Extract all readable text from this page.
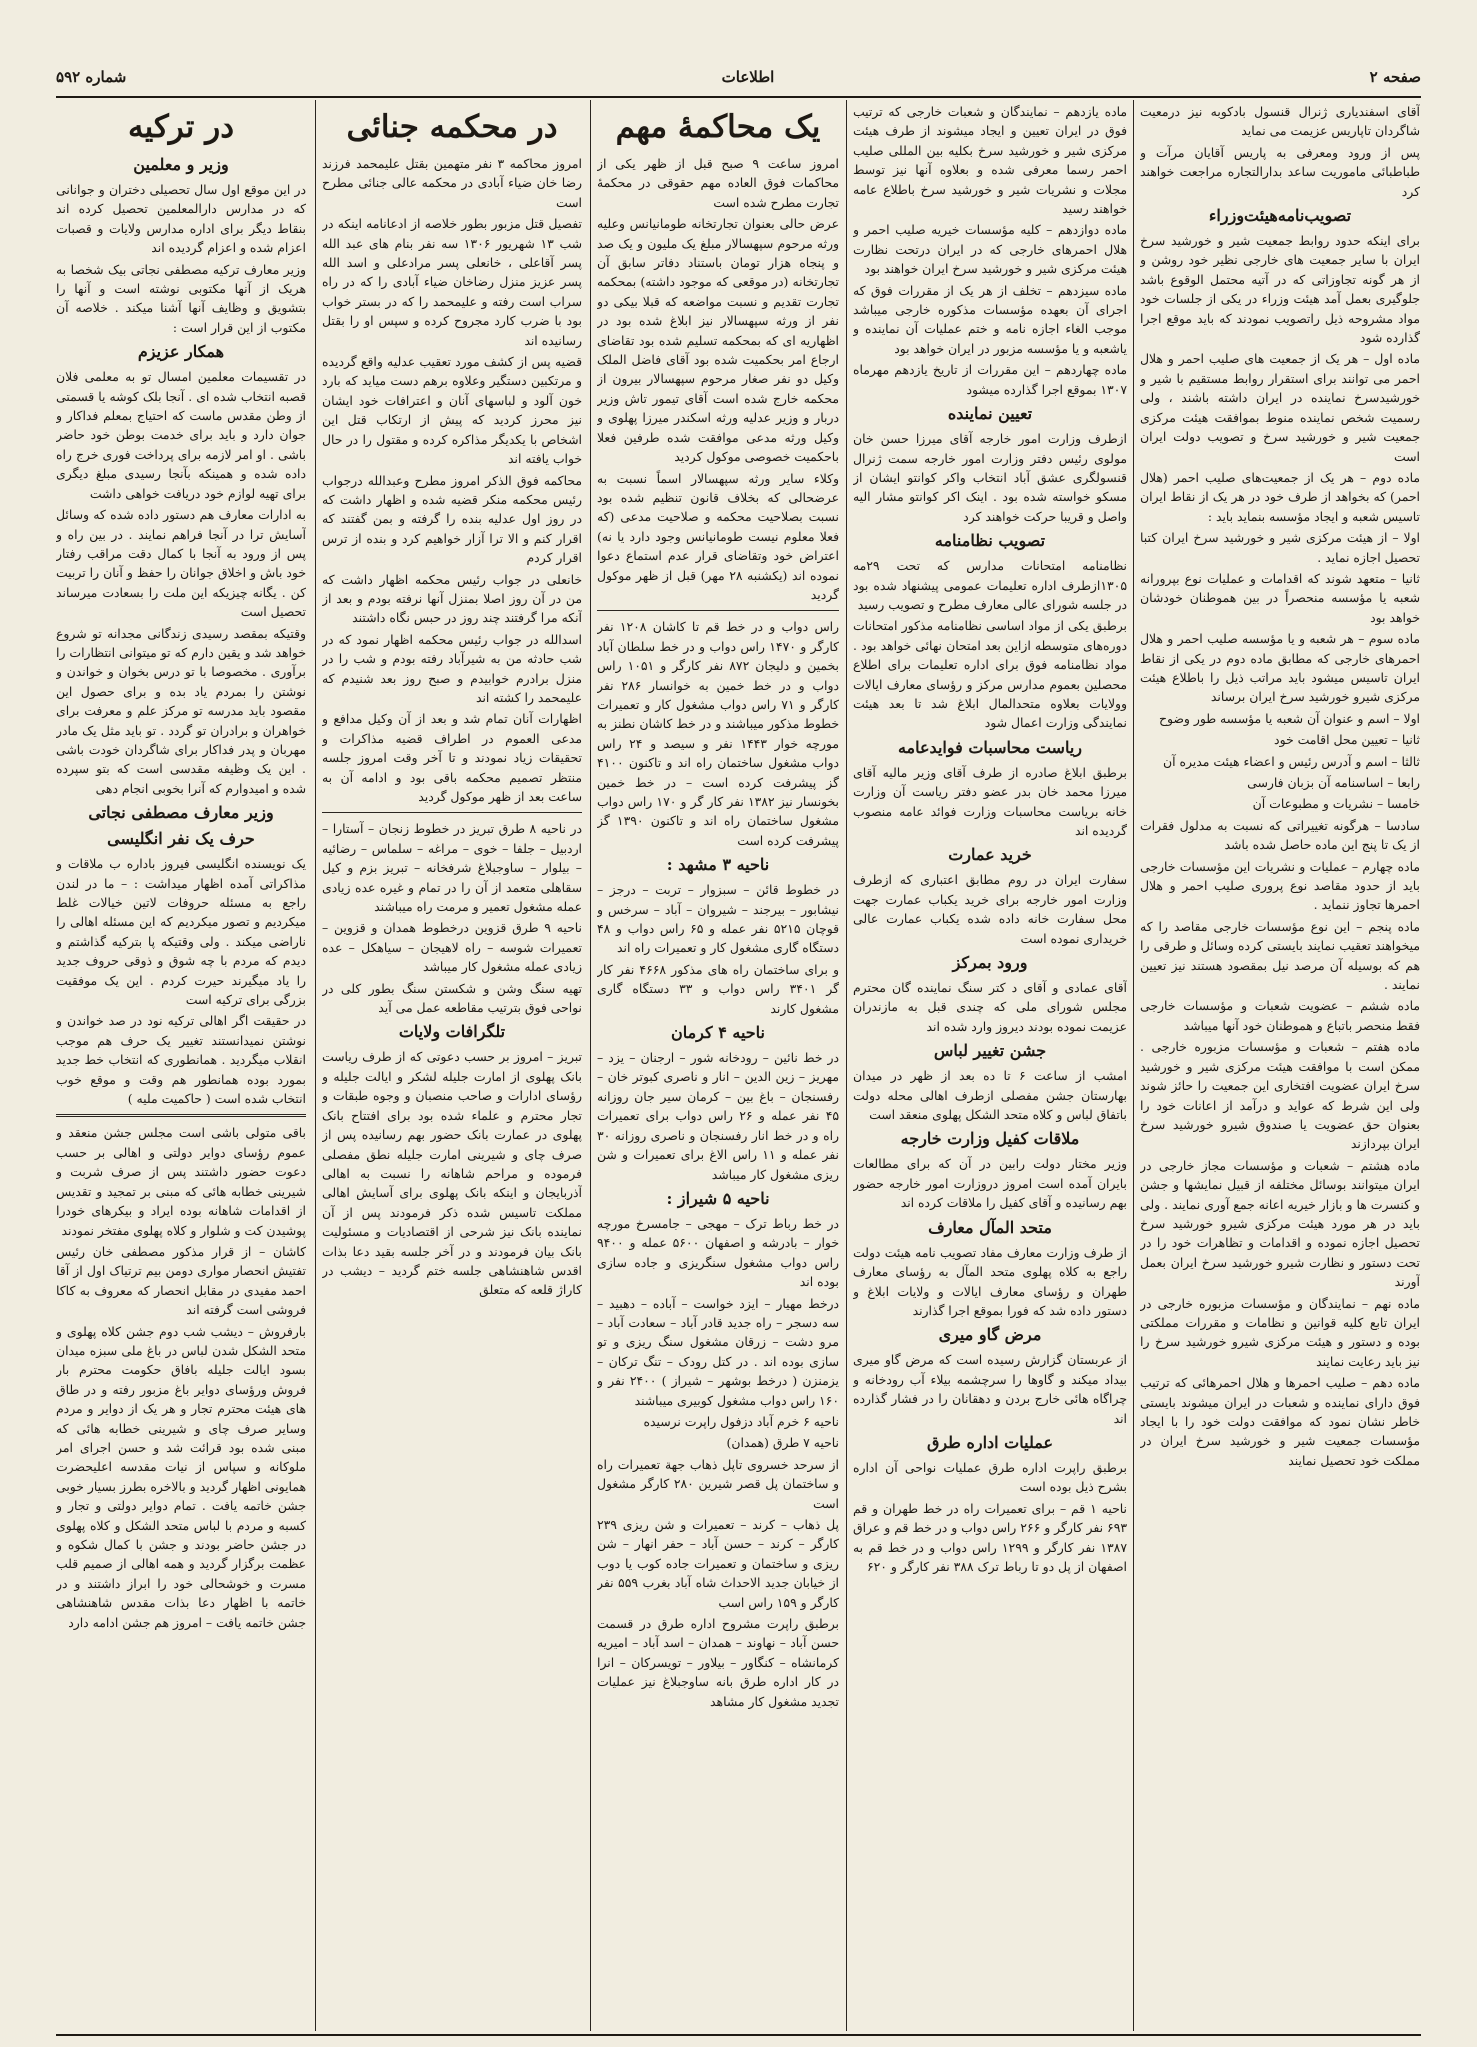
صفحه ۲
اطلاعات
شماره ۵۹۲

آقای اسفندیاری ژنرال قنسول بادکوبه نیز درمعیت شاگردان تاپاریس عزیمت می نماید

پس از ورود ومعرفی به پاریس آقایان مرآت و طباطبائی ماموریت ساعد بدارالتجاره مراجعت خواهند کرد

تصویب‌نامه‌هیئت‌وزراء

برای اینکه حدود روابط جمعیت شیر و خورشید سرخ ایران با سایر جمعیت های خارجی نظیر خود روشن و از هر گونه تجاوزاتی که در آتیه محتمل الوقوع باشد جلوگیری بعمل آمد هیئت وزراء در یکی از جلسات خود مواد مشروحه ذیل راتصویب نمودند که باید موقع اجرا گذارده شود

ماده اول – هر یک از جمعیت های صلیب احمر و هلال احمر می توانند برای استقرار روابط مستقیم با شیر و خورشیدسرخ نماینده در ایران داشته باشند ، ولی رسمیت شخص نماینده منوط بموافقت هیئت مرکزی جمعیت شیر و خورشید سرخ و تصویب دولت ایران است

ماده دوم – هر یک از جمعیت‌های صلیب احمر (هلال احمر) که بخواهد از طرف خود در هر یک از نقاط ایران تاسیس شعبه و ایجاد مؤسسه بنماید باید :

اولا – از هیئت مرکزی شیر و خورشید سرخ ایران کتبا تحصیل اجازه نماید .

ثانیا – متعهد شوند که اقدامات و عملیات نوع بپرورانه شعبه یا مؤسسه منحصراً در بین هموطنان خودشان خواهد بود

ماده سوم – هر شعبه و یا مؤسسه صلیب احمر و هلال احمرهای خارجی که مطابق ماده دوم در یکی از نقاط ایران تاسیس میشود باید مراتب ذیل را باطلاع هیئت مرکزی شیرو خورشید سرخ ایران برساند

اولا – اسم و عنوان آن شعبه یا مؤسسه طور وضوح

ثانیا – تعیین محل اقامت خود

ثالثا – اسم و آدرس رئیس و اعضاء هیئت مدیره آن

رابعا – اساسنامه آن بزبان فارسی

خامسا – نشریات و مطبوعات آن

سادسا – هرگونه تغییراتی که نسبت به مدلول فقرات از یک تا پنج این ماده حاصل شده باشد

ماده چهارم – عملیات و نشریات این مؤسسات خارجی باید از حدود مقاصد نوع پروری صلیب احمر و هلال احمرها تجاوز ننماید .

ماده پنجم – این نوع مؤسسات خارجی مقاصد را که میخواهند تعقیب نمایند بایستی کرده وسائل و طرقی را هم که بوسیله آن مرصد نیل بمقصود هستند نیز تعیین نمایند .

ماده ششم – عضویت شعبات و مؤسسات خارجی فقط منحصر باتباع و هموطنان خود آنها میباشد

ماده هفتم – شعبات و مؤسسات مزبوره خارجی . ممکن است با موافقت هیئت مرکزی شیر و خورشید سرخ ایران عضویت افتخاری این جمعیت را حائز شوند ولی این شرط که عواید و درآمد از اعانات خود را بعنوان حق عضویت یا صندوق شیرو خورشید سرخ ایران بپردازند

ماده هشتم – شعبات و مؤسسات مجاز خارجی در ایران میتوانند بوسائل مختلفه از قبیل نمایشها و جشن و کنسرت ها و بازار خیریه اعانه جمع آوری نمایند . ولی باید در هر مورد هیئت مرکزی شیرو خورشید سرخ تحصیل اجازه نموده و اقدامات و تظاهرات خود را در تحت دستور و نظارت شیرو خورشید سرخ ایران بعمل آورند

ماده نهم – نمایندگان و مؤسسات مزبوره خارجی در ایران تابع کلیه قوانین و نظامات و مقررات مملکتی بوده و دستور و هیئت مرکزی شیرو خورشید سرخ را نیز باید رعایت نمایند

ماده دهم – صلیب احمرها و هلال احمرهائی که ترتیب فوق دارای نماینده و شعبات در ایران میشوند بایستی خاطر نشان نمود که موافقت دولت خود را با ایجاد مؤسسات جمعیت شیر و خورشید سرخ ایران در مملکت خود تحصیل نمایند

ماده یازدهم – نمایندگان و شعبات خارجی که ترتیب فوق در ایران تعیین و ایجاد میشوند از طرف هیئت مرکزی شیر و خورشید سرخ بکلیه بین المللی صلیب احمر رسما معرفی شده و بعلاوه آنها نیز توسط مجلات و نشریات شیر و خورشید سرخ باطلاع عامه خواهند رسید

ماده دوازدهم – کلیه مؤسسات خیریه صلیب احمر و هلال احمرهای خارجی که در ایران درتحت نظارت هیئت مرکزی شیر و خورشید سرخ ایران خواهند بود

ماده سیزدهم – تخلف از هر یک از مقررات فوق که اجرای آن بعهده مؤسسات مذکوره خارجی میباشد موجب الغاء اجازه نامه و ختم عملیات آن نماینده و یاشعبه و یا مؤسسه مزبور در ایران خواهد بود

ماده چهاردهم – این مقررات از تاریخ یازدهم مهرماه ۱۳۰۷ بموقع اجرا گذارده میشود

تعیین نماینده

ازطرف وزارت امور خارجه آقای میرزا حسن خان مولوی رئیس دفتر وزارت امور خارجه سمت ژنرال قنسولگری عشق آباد انتخاب واکر کوانتو ایشان از مسکو خواسته شده بود . اینک اکر کوانتو مشار الیه واصل و قریبا حرکت خواهند کرد

تصویب نظامنامه

نظامنامه امتحانات مدارس که تحت ۲۹مه ۱۳۰۵ازطرف اداره تعلیمات عمومی پیشنهاد شده بود در جلسه شورای عالی معارف مطرح و تصویب رسید

برطبق یکی از مواد اساسی نظامنامه مذکور امتحانات دوره‌های متوسطه ازاین بعد امتحان نهائی خواهد بود . مواد نظامنامه فوق برای اداره تعلیمات برای اطلاع محصلین بعموم مدارس مرکز و رؤسای معارف ایالات وولایات بعلاوه متحدالمال ابلاغ شد تا بعد هیئت نمایندگی وزارت اعمال شود

ریاست محاسبات فوایدعامه

برطبق ابلاغ صادره از طرف آقای وزیر مالیه آقای میرزا محمد خان بدر عضو دفتر ریاست آن وزارت خانه بریاست محاسبات وزارت فوائد عامه منصوب گردیده اند

خرید عمارت

سفارت ایران در روم مطابق اعتباری که ازطرف وزارت امور خارجه برای خرید یکباب عمارت جهت محل سفارت خانه داده شده یکباب عمارت عالی خریداری نموده است

ورود بمرکز

آقای عمادی و آقای د کتر سنگ نماینده گان محترم مجلس شورای ملی که چندی قبل به مازندران عزیمت نموده بودند دیروز وارد شده اند

جشن تغییر لباس

امشب از ساعت ۶ تا ده بعد از ظهر در میدان بهارستان جشن مفصلی ازطرف اهالی محله دولت باتفاق لباس و کلاه متحد الشکل پهلوی منعقد است

ملاقات کفیل وزارت خارجه

وزیر مختار دولت رابین در آن که برای مطالعات بایران آمده است امروز دروزارت امور خارجه حضور بهم رسانیده و آقای کفیل را ملاقات کرده اند

متحد المآل معارف

از طرف وزارت معارف مفاد تصویب نامه هیئت دولت راجع به کلاه پهلوی متحد المآل به رؤسای معارف طهران و رؤسای معارف ایالات و ولایات ابلاغ و دستور داده شد که فورا بموقع اجرا گذارند

مرض گاو میری

از عربستان گزارش رسیده است که مرض گاو میری بیداد میکند و گاوها را سرچشمه بیلاء آب رودخانه و چراگاه هائی خارج بردن و دهقانان را در فشار گذارده اند

عملیات اداره طرق

برطبق راپرت اداره طرق عملیات نواحی آن اداره بشرح ذیل بوده است

ناحیه ۱ قم – برای تعمیرات راه در خط طهران و قم ۶۹۳ نفر کارگر و ۲۶۶ راس دواب و در خط قم و عراق ۱۳۸۷ نفر کارگر و ۱۲۹۹ راس دواب و در خط قم به اصفهان از پل دو تا رباط ترک ۳۸۸ نفر کارگر و ۶۲۰

یک محاکمهٔ مهم

امروز ساعت ۹ صبح قبل از ظهر یکی از محاکمات فوق العاده مهم حقوقی در محکمهٔ تجارت مطرح شده است

عرض حالی بعنوان تجارتخانه طومانیانس وعلیه ورثه مرحوم سپهسالار مبلغ یک ملیون و یک صد و پنجاه هزار تومان باستناد دفاتر سابق آن تجارتخانه (در موقعی که موجود داشته) بمحکمه تجارت تقدیم و نسبت مواضعه که قبلا بیکی دو نفر از ورثه سپهسالار نیز ابلاغ شده بود در اظهاریه ای که بمحکمه تسلیم شده بود تقاضای ارجاع امر بحکمیت شده بود آقای فاضل الملک وکیل دو نفر صغار مرحوم سپهسالار بیرون از محکمه خارج شده است آقای تیمور تاش وزیر دربار و وزیر عدلیه ورثه اسکندر میرزا پهلوی و وکیل ورثه مدعی موافقت شده طرفین فعلا باحکمیت خصوصی موکول کردید

وکلاء سایر ورثه سپهسالار اسماً نسبت به عرضحالی که بخلاف قانون تنظیم شده بود نسبت بصلاحیت محکمه و صلاحیت مدعی (که فعلا معلوم نیست طومانیانس وجود دارد یا نه) اعتراض خود وتقاضای قرار عدم استماع دعوا نموده اند (یکشنبه ۲۸ مهر) قبل از ظهر موکول گردید

راس دواب و در خط قم تا کاشان ۱۲۰۸ نفر کارگر و ۱۴۷۰ راس دواب و در خط سلطان آباد بخمین و دلیجان ۸۷۲ نفر کارگر و ۱۰۵۱ راس دواب و در خط خمین به خوانسار ۲۸۶ نفر کارگر و ۷۱ راس دواب مشغول کار و تعمیرات خطوط مذکور میباشند و در خط کاشان نطنز به مورچه خوار ۱۴۴۳ نفر و سیصد و ۲۴ راس دواب مشغول ساختمان راه اند و تاکنون ۴۱۰۰ گز پیشرفت کرده است – در خط خمین بخونسار نیز ۱۳۸۲ نفر کار گر و ۱۷۰ راس دواب مشغول ساختمان راه اند و تاکنون ۱۳۹۰ گز پیشرفت کرده است

ناحیه ۳ مشهد :

در خطوط قائن – سبزوار – تربت – درجز – نیشابور – بیرجند – شیروان – آباد – سرخس و قوچان ۵۲۱۵ نفر عمله و ۶۵ راس دواب و ۴۸ دستگاه گاری مشغول کار و تعمیرات راه اند

و برای ساختمان راه های مذکور ۴۶۶۸ نفر کار گر ۳۴۰۱ راس دواب و ۳۳ دستگاه گاری مشغول کارند

ناحیه ۴ کرمان

در خط نائین – رودخانه شور – ارجنان – یزد – مهریز – زین الدین – انار و ناصری کبوتر خان – رفسنجان – باغ بین – کرمان سیر جان روزانه ۴۵ نفر عمله و ۲۶ راس دواب برای تعمیرات راه و در خط انار رفسنجان و ناصری روزانه ۳۰ نفر عمله و ۱۱ راس الاغ برای تعمیرات و شن ریزی مشغول کار میباشد

ناحیه ۵ شیراز :

در خط رباط ترک – مهجی – جامسرخ مورچه خوار – بادرشه و اصفهان ۵۶۰۰ عمله و ۹۴۰۰ راس دواب مشغول سنگریزی و جاده سازی بوده اند

درخط مهیار – ایزد خواست – آباده – دهبید – سه دسجر – راه جدید قادر آباد – سعادت آباد – مرو دشت – زرقان مشغول سنگ ریزی و تو سازی بوده اند . در کتل رودک – تنگ ترکان – یزمنزن ( درخط بوشهر – شیراز ) ۲۴۰۰ نفر و ۱۶۰ راس دواب مشغول کوبیری میباشند

ناحیه ۶ خرم آباد دزفول راپرت نرسیده

ناحیه ۷ طرق (همدان)

از سرحد خسروی تاپل ذهاب جهة تعمیرات راه و ساختمان پل قصر شیرین ۲۸۰ کارگر مشغول است

پل ذهاب – کرند – تعمیرات و شن ریزی ۲۳۹ کارگر – کرند – حسن آباد – حفر انهار – شن ریزی و ساختمان و تعمیرات جاده کوب یا دوب از خیابان جدید الاحداث شاه آباد بغرب ۵۵۹ نفر کارگر و ۱۵۹ راس اسب

برطبق راپرت مشروح اداره طرق در قسمت حسن آباد – نهاوند – همدان – اسد آباد – امیریه کرمانشاه – کنگاور – بیلاور – تویسرکان – انرا در کار اداره طرق بانه ساوجبلاغ نیز عملیات تجدید مشغول کار مشاهد

در محکمه جنائی

امروز محاکمه ۳ نفر متهمین بقتل علیمحمد فرزند رضا خان ضیاء آبادی در محکمه عالی جنائی مطرح است

تفصیل قتل مزبور بطور خلاصه از ادعانامه اینکه در شب ۱۳ شهریور ۱۳۰۶ سه نفر بنام های عبد الله پسر آقاعلی ، خانعلی پسر مرادعلی و اسد الله پسر عزیز منزل رضاخان ضیاء آبادی را که در راه سراب است رفته و علیمحمد را که در بستر خواب بود با ضرب کارد مجروح کرده و سپس او را بقتل رسانیده اند

قضیه پس از کشف مورد تعقیب عدلیه واقع گردیده و مرتکبین دستگیر وعلاوه برهم دست میاید که بارد خون آلود و لباسهای آنان و اعترافات خود ایشان نیز محرز کردید که پیش از ارتکاب قتل این اشخاص با یکدیگر مذاکره کرده و مقتول را در حال خواب یافته اند

محاکمه فوق الذکر امروز مطرح وعبدالله درجواب رئیس محکمه منکر قضیه شده و اظهار داشت که در روز اول عدلیه بنده را گرفته و بمن گفتند که اقرار کنم و الا ترا آزار خواهیم کرد و بنده از ترس اقرار کردم

خانعلی در جواب رئیس محکمه اظهار داشت که من در آن روز اصلا بمنزل آنها نرفته بودم و بعد از آنکه مرا گرفتند چند روز در حبس نگاه داشتند

اسدالله در جواب رئیس محکمه اظهار نمود که در شب حادثه من به شیرآباد رفته بودم و شب را در منزل برادرم خوابیدم و صبح روز بعد شنیدم که علیمحمد را کشته اند

اظهارات آنان تمام شد و بعد از آن وکیل مدافع و مدعی العموم در اطراف قضیه مذاکرات و تحقیقات زیاد نمودند و تا آخر وقت امروز جلسه منتظر تصمیم محکمه باقی بود و ادامه آن به ساعت بعد از ظهر موکول گردید

در ناحیه ۸ طرق تبریز در خطوط زنجان – آستارا – اردبیل – جلفا – خوی – مراغه – سلماس – رضائیه – بیلوار – ساوجبلاغ شرفخانه – تبریز بزم و کیل سقاهلی متعمد از آن را در تمام و غیره عده زیادی عمله مشغول تعمیر و مرمت راه میباشند

ناحیه ۹ طرق قزوین درخطوط همدان و قزوین – تعمیرات شوسه – راه لاهیجان – سیاهکل – عده زیادی عمله مشغول کار میباشد

تهیه سنگ وشن و شکستن سنگ بطور کلی در نواحی فوق بترتیب مقاطعه عمل می آید

تلگرافات ولایات

تبریز – امروز بر حسب دعوتی که از طرف ریاست بانک پهلوی از امارت جلیله لشکر و ایالت جلیله و رؤسای ادارات و صاحب منصبان و وجوه طبقات و تجار محترم و علماء شده بود برای افتتاح بانک پهلوی در عمارت بانک حضور بهم رسانیده پس از صرف چای و شیرینی امارت جلیله نطق مفصلی فرموده و مراحم شاهانه را نسبت به اهالی آذربایجان و اینکه بانک پهلوی برای آسایش اهالی مملکت تاسیس شده ذکر فرمودند پس از آن نماینده بانک نیز شرحی از اقتصادیات و مسئولیت بانک بیان فرمودند و در آخر جلسه بقید دعا بذات اقدس شاهنشاهی جلسه ختم گردید – دیشب در کاراژ قلعه که متعلق

در ترکیه
وزیر و معلمین

در این موقع اول سال تحصیلی دختران و جوانانی که در مدارس دارالمعلمین تحصیل کرده اند بنقاط دیگر برای اداره مدارس ولایات و قصبات اعزام شده و اعزام گردیده اند

وزیر معارف ترکیه مصطفی نجاتی بیک شخصا به هریک از آنها مکتوبی نوشته است و آنها را بتشویق و وظایف آنها آشنا میکند . خلاصه آن مکتوب از این قرار است :

همکار عزیزم

در تقسیمات معلمین امسال تو به معلمی فلان قصبه انتخاب شده ای . آنجا بلک کوشه یا قسمتی از وطن مقدس ماست که احتیاج بمعلم فداکار و جوان دارد و باید برای خدمت بوطن خود حاضر باشی . او امر لازمه برای پرداخت فوری خرج راه داده شده و همینکه بآنجا رسیدی مبلغ دیگری برای تهیه لوازم خود دریافت خواهی داشت

به ادارات معارف هم دستور داده شده که وسائل آسایش ترا در آنجا فراهم نمایند . در بین راه و پس از ورود به آنجا با کمال دقت مراقب رفتار خود باش و اخلاق جوانان را حفظ و آنان را تربیت کن . یگانه چیزیکه این ملت را بسعادت میرساند تحصیل است

وقتیکه بمقصد رسیدی زندگانی مجدانه تو شروع خواهد شد و یقین دارم که تو میتوانی انتظارات را برآوری . مخصوصا با تو درس بخوان و خواندن و نوشتن را بمردم یاد بده و برای حصول این مقصود باید مدرسه تو مرکز علم و معرفت برای خواهران و برادران تو گردد . تو باید مثل یک مادر مهربان و پدر فداکار برای شاگردان خودت باشی . این یک وظیفه مقدسی است که بتو سپرده شده و امیدوارم که آنرا بخوبی انجام دهی

وزیر معارف مصطفی نجاتی
حرف یک نفر انگلیسی

یک نویسنده انگلیسی فیروز باداره ب ملاقات و مذاکراتی آمده اظهار میداشت : – ما در لندن راجع به مسئله حروفات لاتین خیالات غلط میکردیم و تصور میکردیم که این مسئله اهالی را ناراضی میکند . ولی وقتیکه پا بترکیه گذاشتم و دیدم که مردم با چه شوق و ذوقی حروف جدید را یاد میگیرند حیرت کردم . این یک موفقیت بزرگی برای ترکیه است

در حقیقت اگر اهالی ترکیه نود در صد خواندن و نوشتن نمیدانستند تغییر یک حرف هم موجب انقلاب میگردید . همانطوری که انتخاب خط جدید بمورد بوده همانطور هم وقت و موقع خوب انتخاب شده است ( حاکمیت ملیه )

باقی متولی باشی است مجلس جشن منعقد و عموم رؤسای دوایر دولتی و اهالی بر حسب دعوت حضور داشتند پس از صرف شربت و شیرینی خطابه هائی که مبنی بر تمجید و تقدیس از اقدامات شاهانه بوده ایراد و بیکرهای خودرا پوشیدن کت و شلوار و کلاه پهلوی مفتخر نمودند

کاشان – از قرار مذکور مصطفی خان رئیس تفتیش انحصار مواری دومن بیم ترتیاک اول از آقا احمد مفیدی در مقابل انحصار که معروف به کاکا فروشی است گرفته اند

بارفروش – دیشب شب دوم جشن کلاه پهلوی و متحد الشکل شدن لباس در باغ ملی سبزه میدان بسود ایالت جلیله بافاق حکومت محترم بار فروش ورؤسای دوایر باغ مزبور رفته و در طاق های هیئت محترم تجار و هر یک از دوایر و مردم وسایر صرف چای و شیرینی خطابه هائی که مبنی شده بود قرائت شد و حسن اجرای امر ملوکانه و سپاس از نیات مقدسه اعلیحضرت همایونی اظهار گردید و بالاخره بطرز بسیار خوبی جشن خاتمه یافت . تمام دوایر دولتی و تجار و کسبه و مردم با لباس متحد الشکل و کلاه پهلوی در جشن حاضر بودند و جشن با کمال شکوه و عظمت برگزار گردید و همه اهالی از صمیم قلب مسرت و خوشحالی خود را ابراز داشتند و در خاتمه با اظهار دعا بذات مقدس شاهنشاهی جشن خاتمه یافت – امروز هم جشن ادامه دارد
